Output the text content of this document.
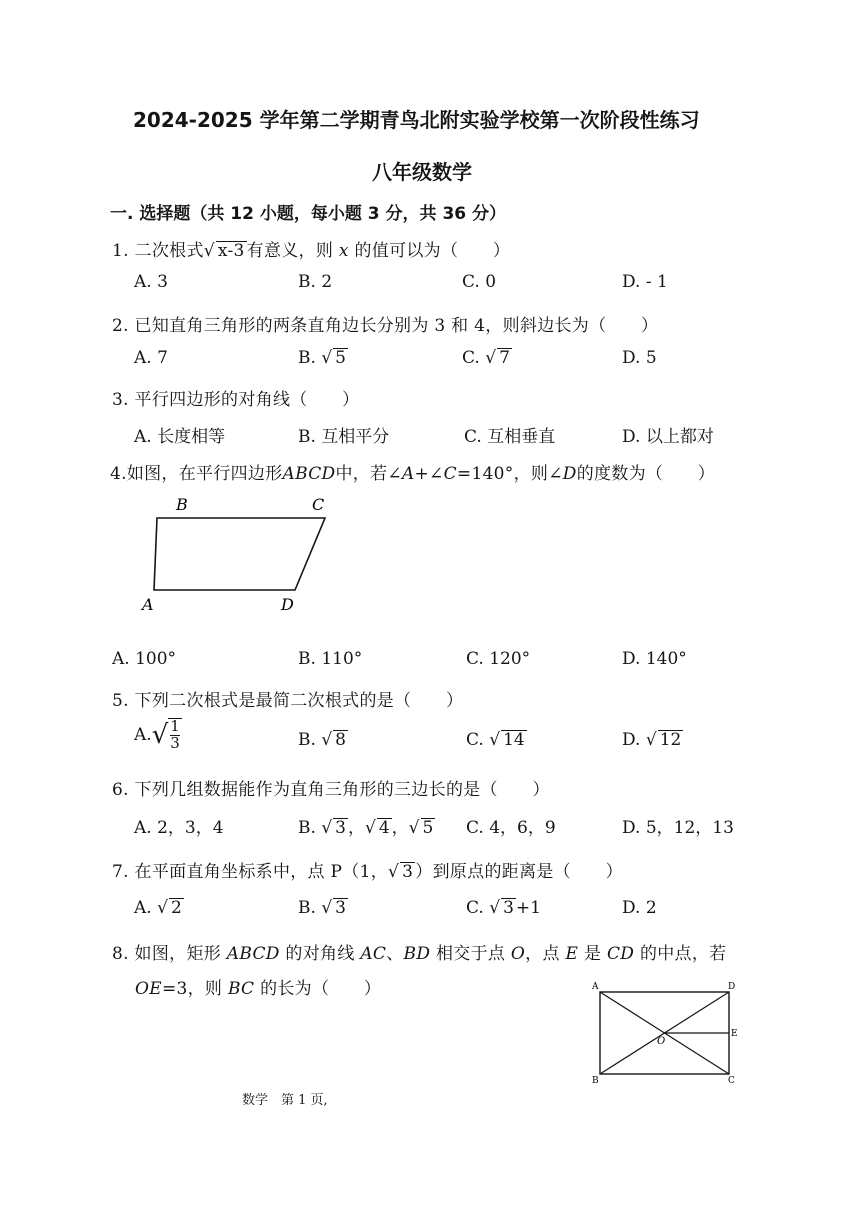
2024-2025 学年第二学期青鸟北附实验学校第一次阶段性练习
八年级数学
一. 选择题（共 12 小题，每小题 3 分，共 36 分）
1. 二次根式√ x-3 有意义，则 x 的值可以为（　　）
A. 3	B. 2	C. 0	D. - 1
2. 已知直角三角形的两条直角边长分别为 3 和 4，则斜边长为（　　）
A. 7	B. √ 5	C. √ 7	D. 5
3. 平行四边形的对角线（　　）
A. 长度相等	B. 互相平分	C. 互相垂直	D. 以上都对
4.如图，在平行四边形ABCD中，若∠A+∠C=140°，则∠D的度数为（　　）
B	C
A	D
A. 100°	B. 110°	C. 120°	D. 140°
5. 下列二次根式是最简二次根式的是（　　）
$A.√ \frac{1}{3}$	B. √ 8	C. √ 14	D. √ 12
6. 下列几组数据能作为直角三角形的三边长的是（　　）
A. 2，3，4	B. √ 3 ，√ 4 ，√ 5 C. 4，6，9	D. 5，12，13
7. 在平面直角坐标系中，点 P（1，√ 3 ）到原点的距离是（　　）
A. √ 2	B. √ 3	C. √ 3 +1	D. 2
8. 如图，矩形 ABCD 的对角线 AC、BD 相交于点 O，点 E 是 CD 的中点，若
OE=3，则 BC 的长为（　　）	A	D
B	C
E
O
数学　第 1 页,
